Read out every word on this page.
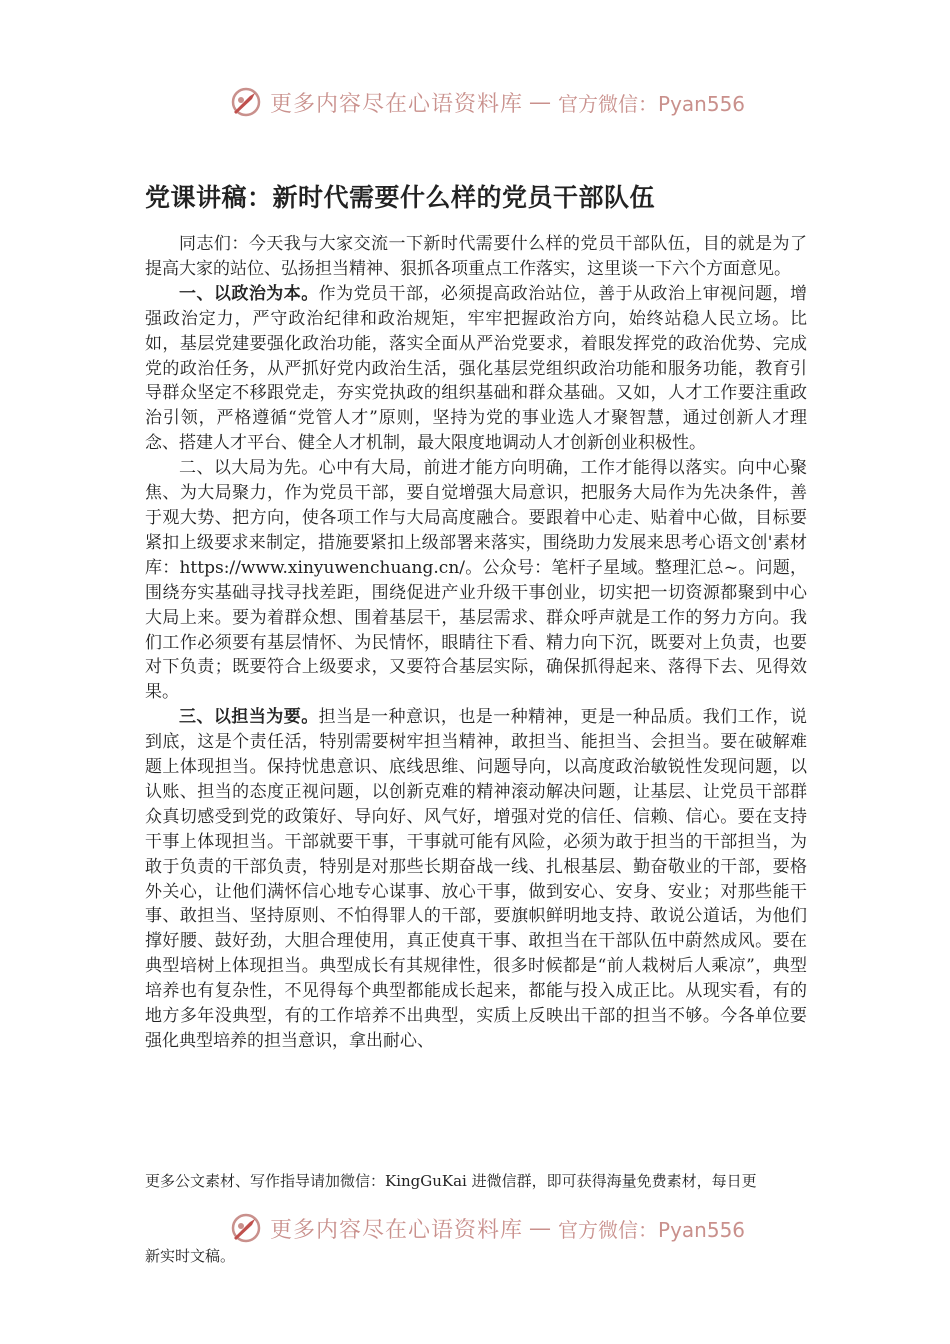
更多内容尽在心语资料库 — 官方微信：Pyan556
党课讲稿：新时代需要什么样的党员干部队伍

同志们：今天我与大家交流一下新时代需要什么样的党员干部队伍，目的就是为了提高大家的站位、弘扬担当精神、狠抓各项重点工作落实，这里谈一下六个方面意见。

一、以政治为本。作为党员干部，必须提高政治站位，善于从政治上审视问题，增强政治定力，严守政治纪律和政治规矩，牢牢把握政治方向，始终站稳人民立场。比如，基层党建要强化政治功能，落实全面从严治党要求，着眼发挥党的政治优势、完成党的政治任务，从严抓好党内政治生活，强化基层党组织政治功能和服务功能，教育引导群众坚定不移跟党走，夯实党执政的组织基础和群众基础。又如，人才工作要注重政治引领，严格遵循“党管人才”原则，坚持为党的事业选人才聚智慧，通过创新人才理念、搭建人才平台、健全人才机制，最大限度地调动人才创新创业积极性。

二、以大局为先。心中有大局，前进才能方向明确，工作才能得以落实。向中心聚焦、为大局聚力，作为党员干部，要自觉增强大局意识，把服务大局作为先决条件，善于观大势、把方向，使各项工作与大局高度融合。要跟着中心走、贴着中心做，目标要紧扣上级要求来制定，措施要紧扣上级部署来落实，围绕助力发展来思考心语文创'素材库：https://www.xinyuwenchuang.cn/。公众号：笔杆子星域。整理汇总~。问题，围绕夯实基础寻找寻找差距，围绕促进产业升级干事创业，切实把一切资源都聚到中心大局上来。要为着群众想、围着基层干，基层需求、群众呼声就是工作的努力方向。我们工作必须要有基层情怀、为民情怀，眼睛往下看、精力向下沉，既要对上负责，也要对下负责；既要符合上级要求，又要符合基层实际，确保抓得起来、落得下去、见得效果。

三、以担当为要。担当是一种意识，也是一种精神，更是一种品质。我们工作，说到底，这是个责任活，特别需要树牢担当精神，敢担当、能担当、会担当。要在破解难题上体现担当。保持忧患意识、底线思维、问题导向，以高度政治敏锐性发现问题，以认账、担当的态度正视问题，以创新克难的精神滚动解决问题，让基层、让党员干部群众真切感受到党的政策好、导向好、风气好，增强对党的信任、信赖、信心。要在支持干事上体现担当。干部就要干事，干事就可能有风险，必须为敢于担当的干部担当，为敢于负责的干部负责，特别是对那些长期奋战一线、扎根基层、勤奋敬业的干部，要格外关心，让他们满怀信心地专心谋事、放心干事，做到安心、安身、安业；对那些能干事、敢担当、坚持原则、不怕得罪人的干部，要旗帜鲜明地支持、敢说公道话，为他们撑好腰、鼓好劲，大胆合理使用，真正使真干事、敢担当在干部队伍中蔚然成风。要在典型培树上体现担当。典型成长有其规律性，很多时候都是“前人栽树后人乘凉”，典型培养也有复杂性，不见得每个典型都能成长起来，都能与投入成正比。从现实看，有的地方多年没典型，有的工作培养不出典型，实质上反映出干部的担当不够。今各单位要强化典型培养的担当意识，拿出耐心、

更多公文素材、写作指导请加微信：KingGuKai 进微信群，即可获得海量免费素材，每日更
更多内容尽在心语资料库 — 官方微信：Pyan556
新实时文稿。
